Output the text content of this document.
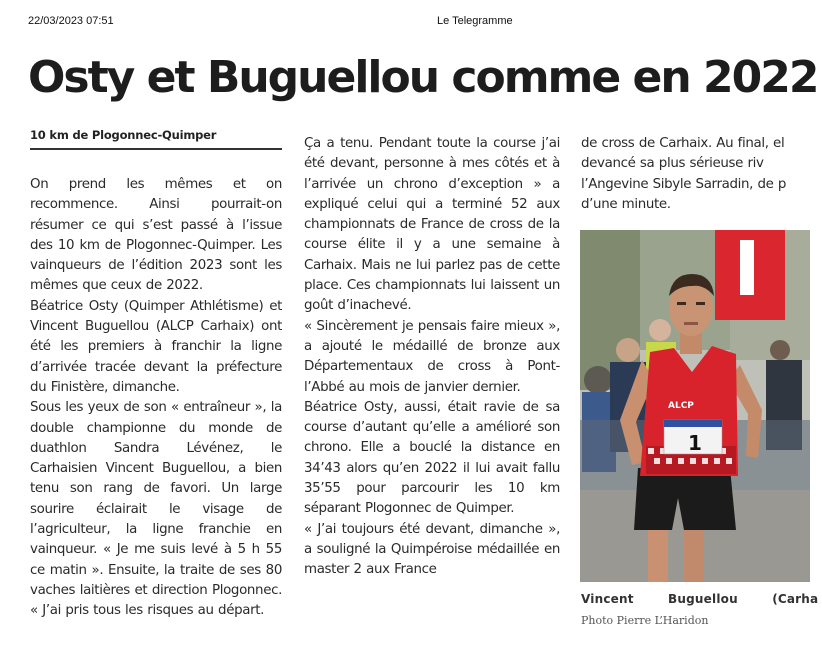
22/03/2023 07:51	Le Telegramme
Osty et Buguellou comme en 2022
10 km de Plogonnec-Quimper

On prend les mêmes et on recommence. Ainsi pourrait-on résumer ce qui s’est passé à l’issue des 10 km de Plogonnec-Quimper. Les vainqueurs de l’édition 2023 sont les mêmes que ceux de 2022.

Béatrice Osty (Quimper Athlétisme) et Vincent Buguellou (ALCP Carhaix) ont été les premiers à franchir la ligne d’arrivée tracée devant la préfecture du Finistère, dimanche.

Sous les yeux de son « entraîneur », la double championne du monde de duathlon Sandra Lévénez, le Carhaisien Vincent Buguellou, a bien tenu son rang de favori. Un large sourire éclairait le visage de l’agriculteur, la ligne franchie en vainqueur. « Je me suis levé à 5 h 55 ce matin ». Ensuite, la traite de ses 80 vaches laitières et direction Plogonnec. « J’ai pris tous les risques au départ.

Ça a tenu. Pendant toute la course j’ai été devant, personne à mes côtés et à l’arrivée un chrono d’exception » a expliqué celui qui a terminé 52 aux championnats de France de cross de la course élite il y a une semaine à Carhaix. Mais ne lui parlez pas de cette place. Ces championnats lui laissent un goût d’inachevé.

« Sincèrement je pensais faire mieux », a ajouté le médaillé de bronze aux Départementaux de cross à Pont-l’Abbé au mois de janvier dernier.

Béatrice Osty, aussi, était ravie de sa course d’autant qu’elle a amélioré son chrono. Elle a bouclé la distance en 34’43 alors qu’en 2022 il lui avait fallu 35’55 pour parcourir les 10 km séparant Plogonnec de Quimper.

« J’ai toujours été devant, dimanche », a souligné la Quimpéroise médaillée en master 2 aux France

de cross de Carhaix. Au final, el
devancé sa plus sérieuse riv
l’Angevine Sibyle Sarradin, de p
d’une minute.
ALCP
1
Vincent Buguellou (Carha
Photo Pierre L’Haridon
